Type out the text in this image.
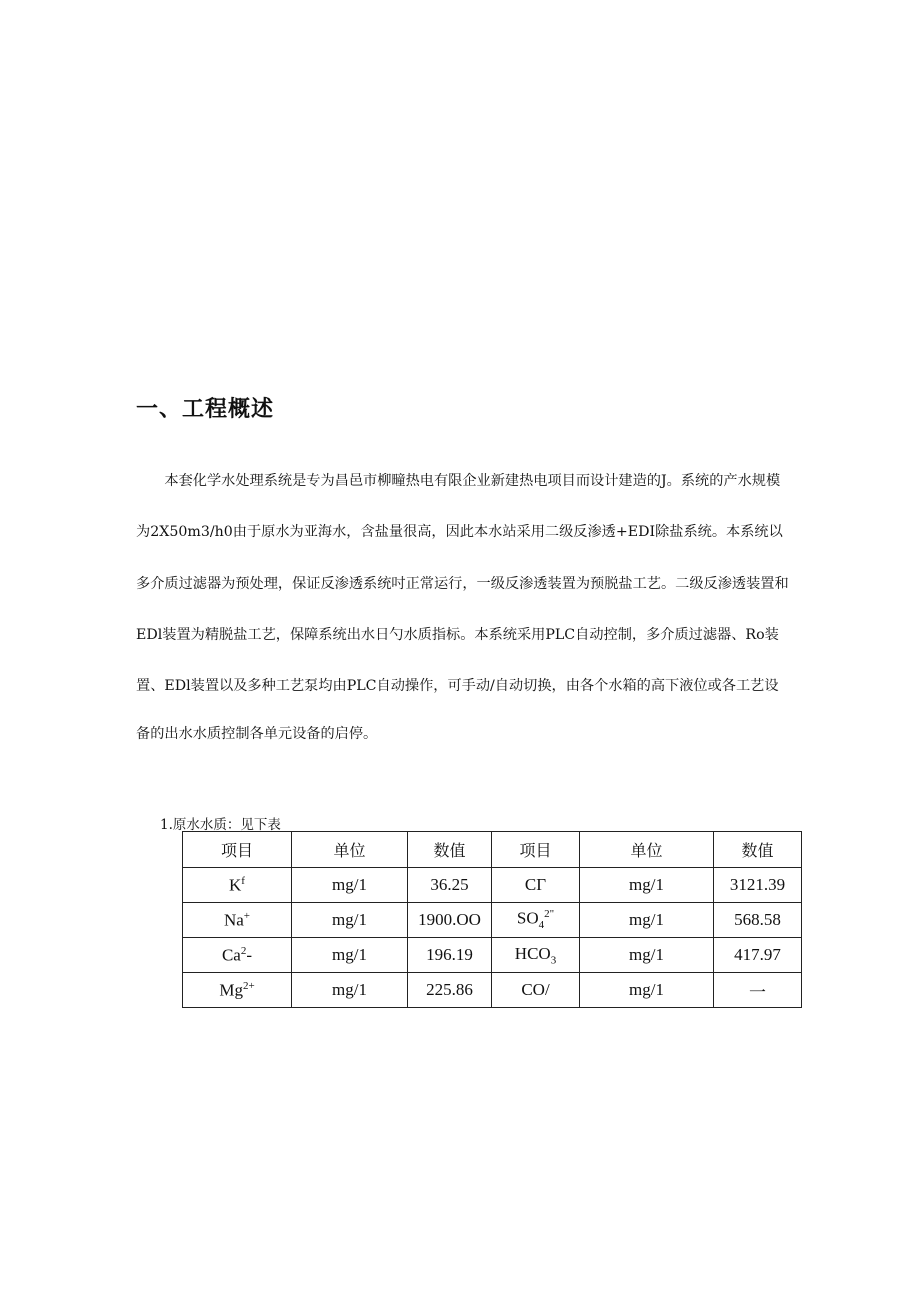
一、工程概述
　　本套化学水处理系统是专为昌邑市柳疃热电有限企业新建热电项目而设计建造的J。系统的产水规模
为2X50m3/h0由于原水为亚海水，含盐量很高，因此本水站采用二级反渗透+EDI除盐系统。本系统以
多介质过滤器为预处理，保证反渗透系统吋正常运行，一级反渗透装置为预脱盐工艺。二级反渗透装置和
EDl装置为精脱盐工艺，保障系统出水日勺水质指标。本系统采用PLC自动控制，多介质过滤器、Ro装
置、EDl装置以及多种工艺泵均由PLC自动操作，可手动/自动切换，由各个水箱的高下液位或各工艺设
备的出水水质控制各单元设备的启停。
1.原水水质：见下表
项目	单位	数值	项目	单位	数值
$K^f$	mg/1	36.25	CΓ	mg/1	3121.39
Na+	mg/1	1900.OO	$SO_4^{2"}$	mg/1	568.58
Ca$^2$-	mg/1	196.19	$HCO_3$	mg/1	417.97
$Mg^{2+}$	mg/1	225.86	CO/	mg/1	一
